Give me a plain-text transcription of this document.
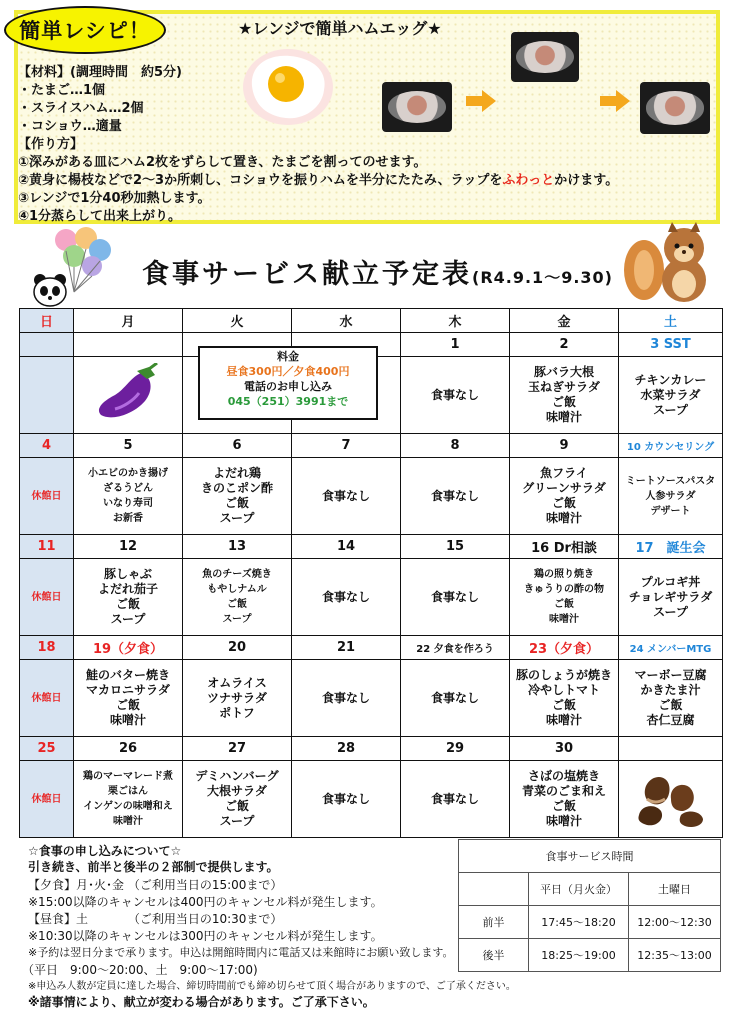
簡単レシピ！	★レンジで簡単ハムエッグ★
【材料】(調理時間　約5分)
・たまご…1個
・スライスハム…2個
・コショウ…適量
【作り方】
①深みがある皿にハム2枚をずらして置き、たまごを割ってのせます。
②黄身に楊枝などで2～3か所刺し、コショウを振りハムを半分にたたみ、ラップをふわっとかけます。
③レンジで1分40秒加熱します。
④1分蒸らして出来上がり。
食事サービス献立予定表(R4.9.1～9.30)
日	月	火	水	木	金	土
				1	2	3 SST
				食事なし	豚バラ大根
玉ねぎサラダ
ご飯
味噌汁	チキンカレー
水菜サラダ
スープ
4	5	6	7	8	9	10 カウンセリング
休館日	小エビのかき揚げ
ざるうどん
いなり寿司
お新香	よだれ鶏
きのこポン酢
ご飯
スープ	食事なし	食事なし	魚フライ
グリーンサラダ
ご飯
味噌汁	ミートソースパスタ
人参サラダ
デザート
11	12	13	14	15	16 Dr相談	17　誕生会
休館日	豚しゃぶ
よだれ茄子
ご飯
スープ	魚のチーズ焼き
もやしナムル
ご飯
スープ	食事なし	食事なし	鶏の照り焼き
きゅうりの酢の物
ご飯
味噌汁	プルコギ丼
チョレギサラダ
スープ
18	19（夕食）	20	21	22 夕食を作ろう	23（夕食）	24 メンバーMTG
休館日	鮭のバター焼き
マカロニサラダ
ご飯
味噌汁	オムライス
ツナサラダ
ポトフ	食事なし	食事なし	豚のしょうが焼き
冷やしトマト
ご飯
味噌汁	マーボー豆腐
かきたま汁
ご飯
杏仁豆腐
25	26	27	28	29	30	
休館日	鶏のマーマレード煮
栗ごはん
インゲンの味噌和え
味噌汁	デミハンバーグ
大根サラダ
ご飯
スープ	食事なし	食事なし	さばの塩焼き
青菜のごま和え
ご飯
味噌汁	
料金
昼食300円／夕食400円
電話のお申し込み
045（251）3991まで
☆食事の申し込みについて☆
引き続き、前半と後半の２部制で提供します。
【夕食】月･火･金 （ご利用当日の15:00まで）
※15:00以降のキャンセルは400円のキャンセル料が発生します。
【昼食】土　　　 （ご利用当日の10:30まで）
※10:30以降のキャンセルは300円のキャンセル料が発生します。
※予約は翌日分まで承ります。申込は開館時間内に電話又は来館時にお願い致します。
（平日　9:00～20:00、土　9:00～17:00)
※申込み人数が定員に達した場合、締切時間前でも締め切らせて頂く場合がありますので、ご了承ください。
※諸事情により、献立が変わる場合があります。ご了承下さい。
食事サービス時間		
	平日（月火金）	土曜日
前半	17:45～18:20	12:00～12:30
後半	18:25～19:00	12:35～13:00
